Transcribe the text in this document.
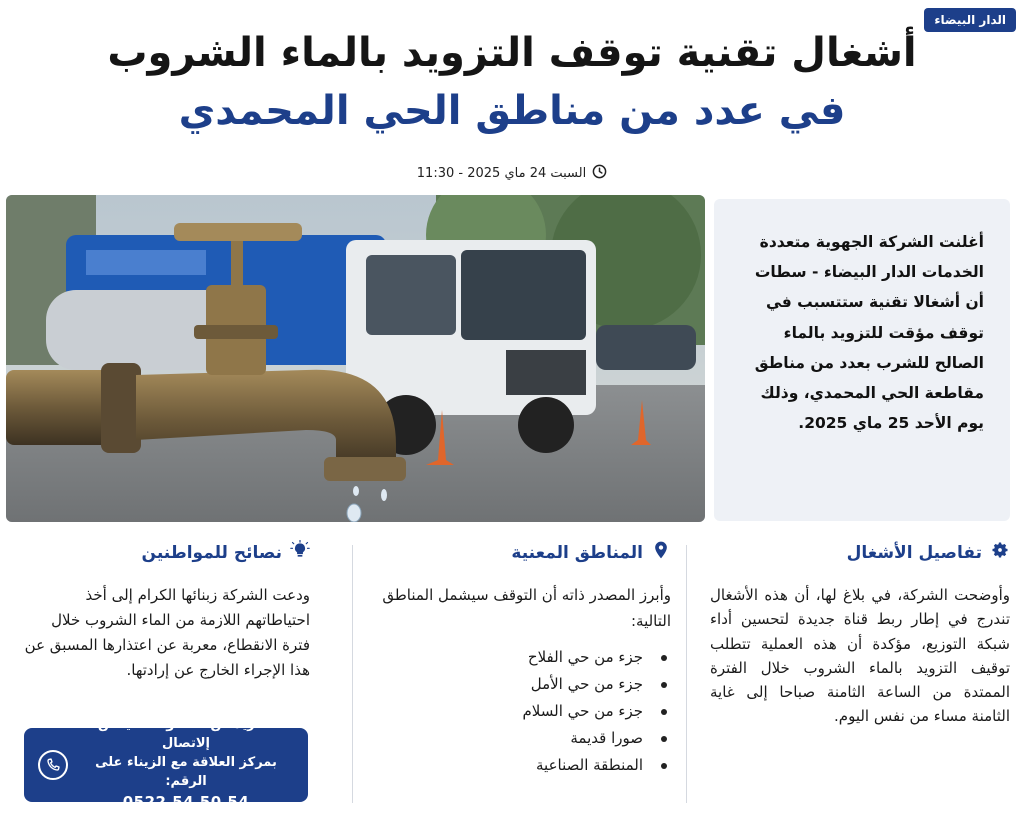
الدار البيضاء
أشغال تقنية توقف التزويد بالماء الشروب
في عدد من مناطق الحي المحمدي
السبت 24 ماي 2025 - 11:30
أغلنت الشركة الجهوية متعددة الخدمات الدار البيضاء - سطات أن أشغالا تقنية ستتسبب في توقف مؤقت للتزويد بالماء الصالح للشرب بعدد من مناطق مقاطعة الحي المحمدي، وذلك يوم الأحد 25 ماي 2025.
تفاصيل الأشغال

وأوضحت الشركة، في بلاغ لها، أن هذه الأشغال تندرج في إطار ربط قناة جديدة لتحسين أداء شبكة التوزيع، مؤكدة أن هذه العملية تتطلب توقيف التزويد بالماء الشروب خلال الفترة الممتدة من الساعة الثامنة صباحا إلى غاية الثامنة مساء من نفس اليوم.

المناطق المعنية

وأبرز المصدر ذاته أن التوقف سيشمل المناطق التالية:

جزء من حي الفلاح
جزء من حي الأمل
جزء من حي السلام
صورا قديمة
المنطقة الصناعية
نصائح للمواطنين

ودعت الشركة زبنائها الكرام إلى أخذ احتياطاتهم اللازمة من الماء الشروب خلال فترة الانقطاع، معربة عن اعتذارها المسبق عن هذا الإجراء الخارج عن إرادتها.

للمزيد من للمعلومات، يمكن إلاتصال
بمركز العلاقة مع الزيناء على الرقم:
0522 54 50 54
